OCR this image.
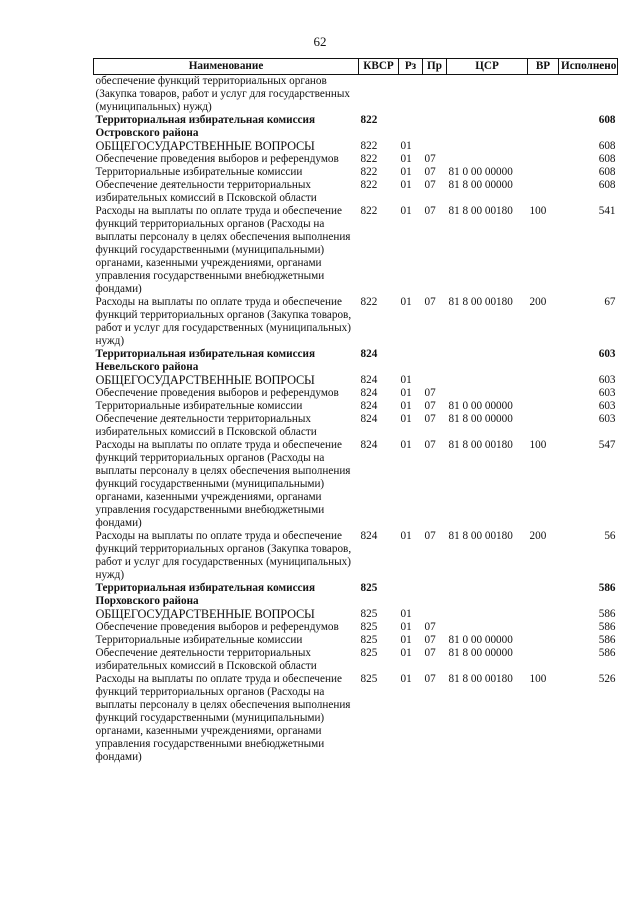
62
Наименование	КВСР	Рз	Пр	ЦСР	ВР	Исполнено
обеспечение функций территориальных органов (Закупка товаров, работ и услуг для государственных (муниципальных) нужд)						
Территориальная избирательная комиссия Островского района	822					608
ОБЩЕГОСУДАРСТВЕННЫЕ ВОПРОСЫ	822	01				608
Обеспечение проведения выборов и референдумов	822	01	07			608
Территориальные избирательные комиссии	822	01	07	81 0 00 00000		608
Обеспечение деятельности территориальных избирательных комиссий в Псковской области	822	01	07	81 8 00 00000		608
Расходы на выплаты по оплате труда и обеспечение функций территориальных органов (Расходы на выплаты персоналу в целях обеспечения выполнения функций государственными (муниципальными) органами, казенными учреждениями, органами управления государственными внебюджетными фондами)	822	01	07	81 8 00 00180	100	541
Расходы на выплаты по оплате труда и обеспечение функций территориальных органов (Закупка товаров, работ и услуг для государственных (муниципальных) нужд)	822	01	07	81 8 00 00180	200	67
Территориальная избирательная комиссия Невельского района	824					603
ОБЩЕГОСУДАРСТВЕННЫЕ ВОПРОСЫ	824	01				603
Обеспечение проведения выборов и референдумов	824	01	07			603
Территориальные избирательные комиссии	824	01	07	81 0 00 00000		603
Обеспечение деятельности территориальных избирательных комиссий в Псковской области	824	01	07	81 8 00 00000		603
Расходы на выплаты по оплате труда и обеспечение функций территориальных органов (Расходы на выплаты персоналу в целях обеспечения выполнения функций государственными (муниципальными) органами, казенными учреждениями, органами управления государственными внебюджетными фондами)	824	01	07	81 8 00 00180	100	547
Расходы на выплаты по оплате труда и обеспечение функций территориальных органов (Закупка товаров, работ и услуг для государственных (муниципальных) нужд)	824	01	07	81 8 00 00180	200	56
Территориальная избирательная комиссия Порховского района	825					586
ОБЩЕГОСУДАРСТВЕННЫЕ ВОПРОСЫ	825	01				586
Обеспечение проведения выборов и референдумов	825	01	07			586
Территориальные избирательные комиссии	825	01	07	81 0 00 00000		586
Обеспечение деятельности территориальных избирательных комиссий в Псковской области	825	01	07	81 8 00 00000		586
Расходы на выплаты по оплате труда и обеспечение функций территориальных органов (Расходы на выплаты персоналу в целях обеспечения выполнения функций государственными (муниципальными) органами, казенными учреждениями, органами управления государственными внебюджетными фондами)	825	01	07	81 8 00 00180	100	526
